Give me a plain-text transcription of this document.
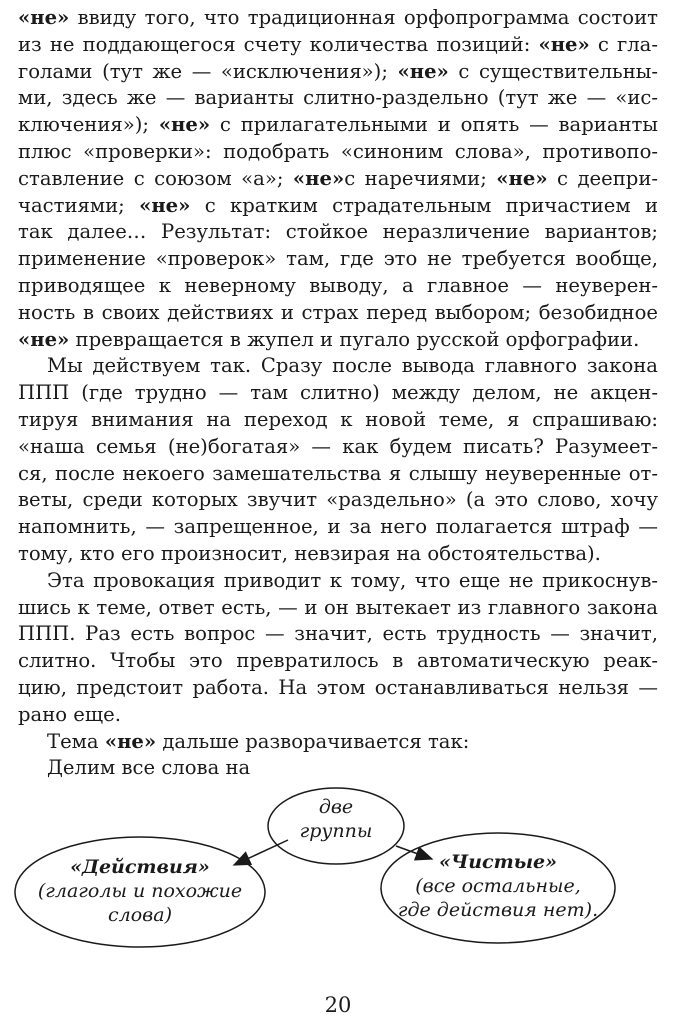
«не» ввиду того, что традиционная орфопрограмма состоит
из не поддающегося счету количества позиций: «не» с гла-
голами (тут же — «исключения»); «не» с существительны-
ми, здесь же — варианты слитно-раздельно (тут же — «ис-
ключения»); «не» с прилагательными и опять — варианты
плюс «проверки»: подобрать «синоним слова», противопо-
ставление с союзом «а»; «не»с наречиями; «не» с деепри-
частиями; «не» с кратким страдательным причастием и
так далее… Результат: стойкое неразличение вариантов;
применение «проверок» там, где это не требуется вообще,
приводящее к неверному выводу, а главное — неуверен-
ность в своих действиях и страх перед выбором; безобидное
«не» превращается в жупел и пугало русской орфографии.
Мы действуем так. Сразу после вывода главного закона
ППП (где трудно — там слитно) между делом, не акцен-
тируя внимания на переход к новой теме, я спрашиваю:
«наша семья (не)богатая» — как будем писать? Разумеет-
ся, после некоего замешательства я слышу неуверенные от-
веты, среди которых звучит «раздельно» (а это слово, хочу
напомнить, — запрещенное, и за него полагается штраф —
тому, кто его произносит, невзирая на обстоятельства).
Эта провокация приводит к тому, что еще не прикоснув-
шись к теме, ответ есть, — и он вытекает из главного закона
ППП. Раз есть вопрос — значит, есть трудность — значит,
слитно. Чтобы это превратилось в автоматическую реак-
цию, предстоит работа. На этом останавливаться нельзя —
рано еще.
Тема «не» дальше разворачивается так:
Делим все слова на
две
группы
«Действия»
(глаголы и похожие
слова)
«Чистые»
(все остальные,
где действия нет).
20
